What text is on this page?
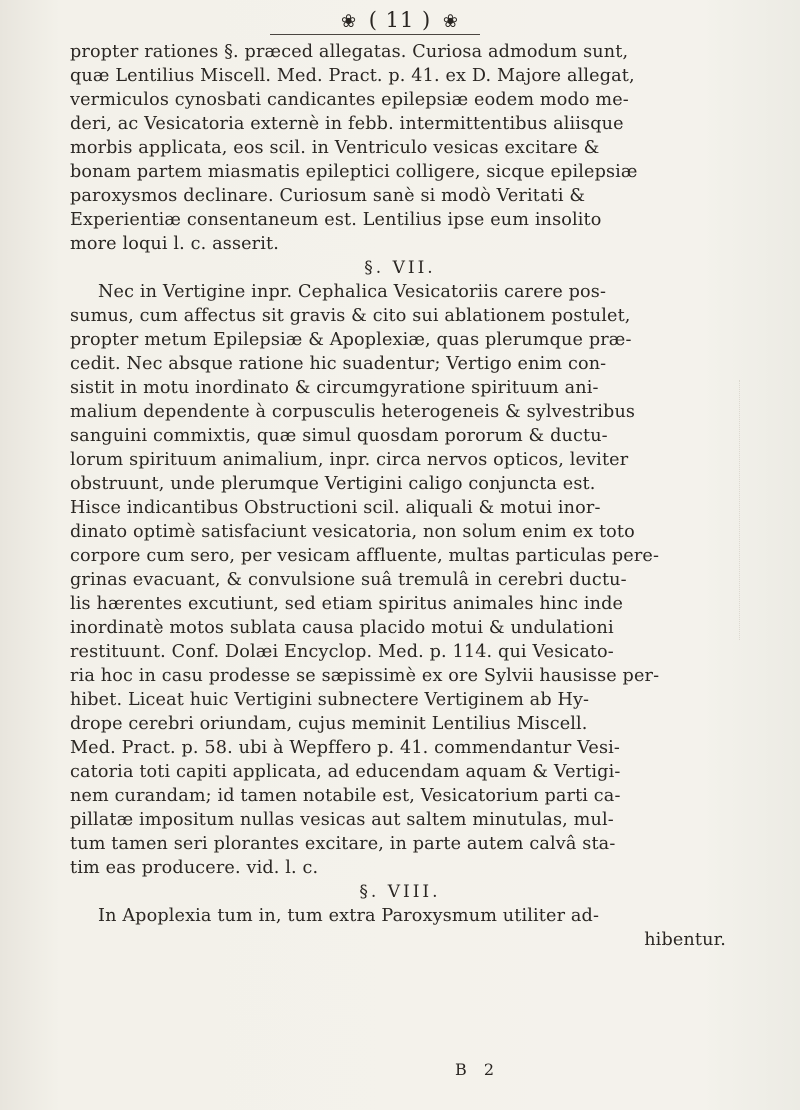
❀ ( 11 ) ❀
propter rationes §. præced allegatas. Curiosa admodum sunt,
quæ Lentilius Miscell. Med. Pract. p. 41. ex D. Majore allegat,
vermiculos cynosbati candicantes epilepsiæ eodem modo me-
deri, ac Vesicatoria externè in febb. intermittentibus aliisque
morbis applicata, eos scil. in Ventriculo vesicas excitare &
bonam partem miasmatis epileptici colligere, sicque epilepsiæ
paroxysmos declinare. Curiosum sanè si modò Veritati &
Experientiæ consentaneum est. Lentilius ipse eum insolito
more loqui l. c. asserit.
§. VII.
Nec in Vertigine inpr. Cephalica Vesicatoriis carere pos-
sumus, cum affectus sit gravis & cito sui ablationem postulet,
propter metum Epilepsiæ & Apoplexiæ, quas plerumque præ-
cedit. Nec absque ratione hic suadentur; Vertigo enim con-
sistit in motu inordinato & circumgyratione spirituum ani-
malium dependente à corpusculis heterogeneis & sylvestribus
sanguini commixtis, quæ simul quosdam pororum & ductu-
lorum spirituum animalium, inpr. circa nervos opticos, leviter
obstruunt, unde plerumque Vertigini caligo conjuncta est.
Hisce indicantibus Obstructioni scil. aliquali & motui inor-
dinato optimè satisfaciunt vesicatoria, non solum enim ex toto
corpore cum sero, per vesicam affluente, multas particulas pere-
grinas evacuant, & convulsione suâ tremulâ in cerebri ductu-
lis hærentes excutiunt, sed etiam spiritus animales hinc inde
inordinatè motos sublata causa placido motui & undulationi
restituunt. Conf. Dolæi Encyclop. Med. p. 114. qui Vesicato-
ria hoc in casu prodesse se sæpissimè ex ore Sylvii hausisse per-
hibet. Liceat huic Vertigini subnectere Vertiginem ab Hy-
drope cerebri oriundam, cujus meminit Lentilius Miscell.
Med. Pract. p. 58. ubi à Wepffero p. 41. commendantur Vesi-
catoria toti capiti applicata, ad educendam aquam & Vertigi-
nem curandam; id tamen notabile est, Vesicatorium parti ca-
pillatæ impositum nullas vesicas aut saltem minutulas, mul-
tum tamen seri plorantes excitare, in parte autem calvâ sta-
tim eas producere. vid. l. c.
§. VIII.
In Apoplexia tum in, tum extra Paroxysmum utiliter ad-
hibentur.
B 2
